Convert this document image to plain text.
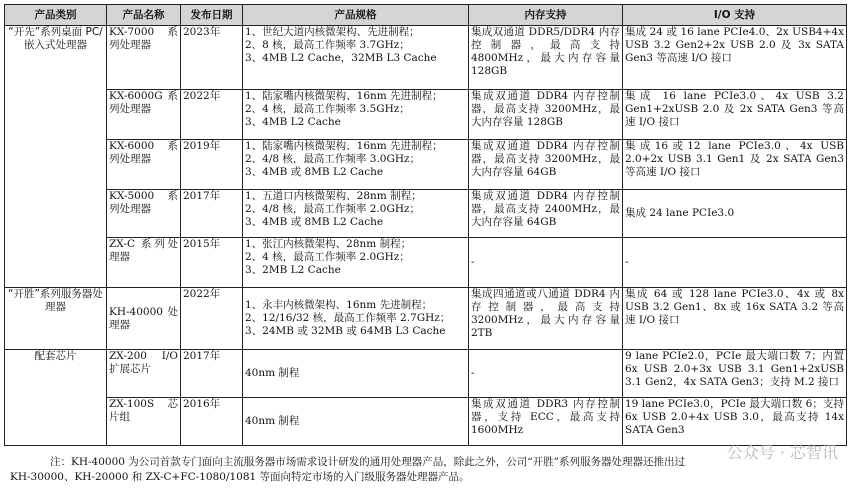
产品类别	产品名称	发布日期	产品规格	内存支持	I/O 支持
“开先”系列桌面 PC/嵌入式处理器	KX-7000 系列处理器	2023年	1、世纪大道内核微架构、先进制程；
2、8 核，最高工作频率 3.7GHz；
3、4MB L2 Cache，32MB L3 Cache	集成双通道 DDR5/DDR4 内存控制器，最高支持 4800MHz，最大内存容量 128GB	集成 24 或 16 lane PCIe4.0、2x USB4+4x USB 3.2 Gen2+2x USB 2.0 及 3x SATA Gen3 等高速 I/O 接口
	KX-6000G 系列处理器	2022年	1、陆家嘴内核微架构、16nm 先进制程；
2、4 核，最高工作频率 3.5GHz；
3、4MB L2 Cache	集成双通道 DDR4 内存控制器，最高支持 3200MHz，最大内存容量 128GB	集成 16 lane PCIe3.0、4x USB 3.2 Gen1+2xUSB 2.0 及 2x SATA Gen3 等高速 I/O 接口
	KX-6000 系列处理器	2019年	1、陆家嘴内核微架构、16nm 先进制程；
2、4/8 核，最高工作频率 3.0GHz；
3、4MB 或 8MB L2 Cache	集成双通道 DDR4 内存控制器，最高支持 3200MHz，最大内存容量 64GB	集成16或12 lane PCIe3.0、4x USB 2.0+2x USB 3.1 Gen1 及 2x SATA Gen3 等高速 I/O 接口
	KX-5000 系列处理器	2017年	1、五道口内核微架构、28nm 制程；
2、4/8 核，最高工作频率 2.0GHz；
3、4MB 或 8MB L2 Cache	集成双通道 DDR4 内存控制器，最高支持 2400MHz，最大内存容量 64GB	集成 24 lane PCIe3.0
	ZX-C 系列处理器	2015年	1、张江内核微架构、28nm 制程；
2、4 核，最高工作频率 2.0GHz；
3、2MB L2 Cache	-	-
“开胜”系列服务器处理器	KH-40000 处理器	2022年	1、永丰内核微架构、16nm 先进制程；
2、12/16/32 核，最高工作频率 2.7GHz；
3、24MB 或 32MB 或 64MB L3 Cache	集成四通道或八通道 DDR4 内存控制器，最高支持 3200MHz，最大内存容量 2TB	集成 64 或 128 lane PCIe3.0、4x 或 8x USB 3.2 Gen1、8x 或 16x SATA 3.2 等高速 I/O 接口
配套芯片	ZX-200 I/O 扩展芯片	2017年	40nm 制程	-	9 lane PCIe2.0，PCIe 最大端口数 7；内置 6x USB 2.0+3x USB 3.1 Gen1+2xUSB 3.1 Gen2，4x SATA Gen3；支持 M.2 接口
	ZX-100S 芯片组	2016年	40nm 制程	集成双通道 DDR3 内存控制器，支持 ECC，最高支持 1600MHz	19 lane PCIe3.0，PCIe 最大端口数 6；支持 6x USB 2.0+4x USB 3.0，最高支持 14x SATA Gen3
公众号 · 芯智讯
注：KH-40000 为公司首款专门面向主流服务器市场需求设计研发的通用处理器产品，除此之外，公司“开胜”系列服务器处理器还推出过
KH-30000、KH-20000 和 ZX-C+FC-1080/1081 等面向特定市场的入门级服务器处理器产品。
